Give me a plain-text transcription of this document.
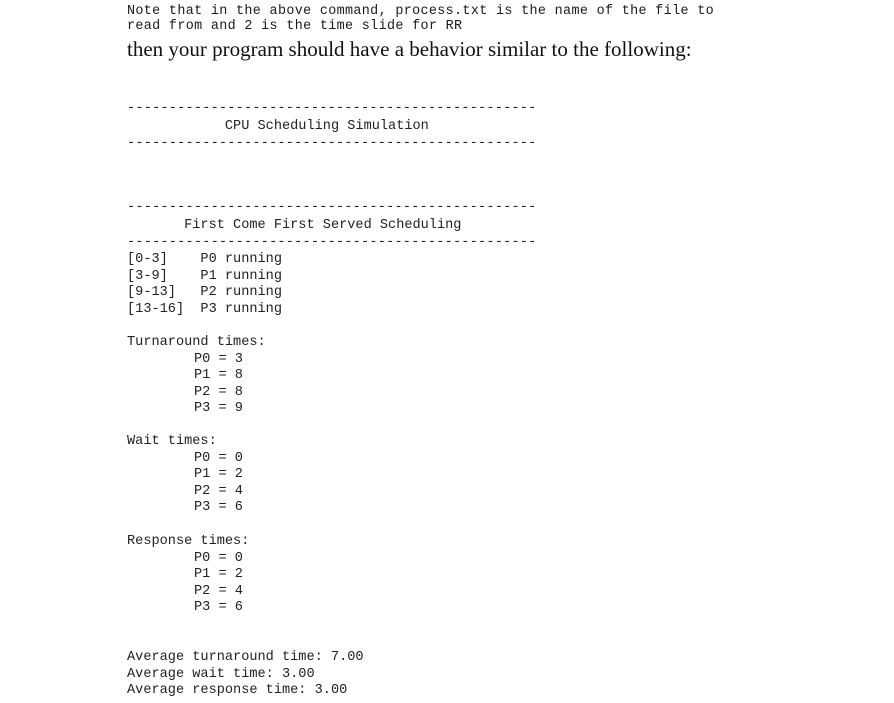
Note that in the above command, process.txt is the name of the file to

read from and 2 is the time slide for RR

then your program should have a behavior similar to the following:

-------------------------------------------------

CPU Scheduling Simulation

-------------------------------------------------

-------------------------------------------------

First Come First Served Scheduling

-------------------------------------------------

[0-3]    P0 running

[3-9]    P1 running

[9-13]   P2 running

[13-16]  P3 running

Turnaround times:

P0 = 3

P1 = 8

P2 = 8

P3 = 9

Wait times:

P0 = 0

P1 = 2

P2 = 4

P3 = 6

Response times:

P0 = 0

P1 = 2

P2 = 4

P3 = 6

Average turnaround time: 7.00

Average wait time: 3.00

Average response time: 3.00
